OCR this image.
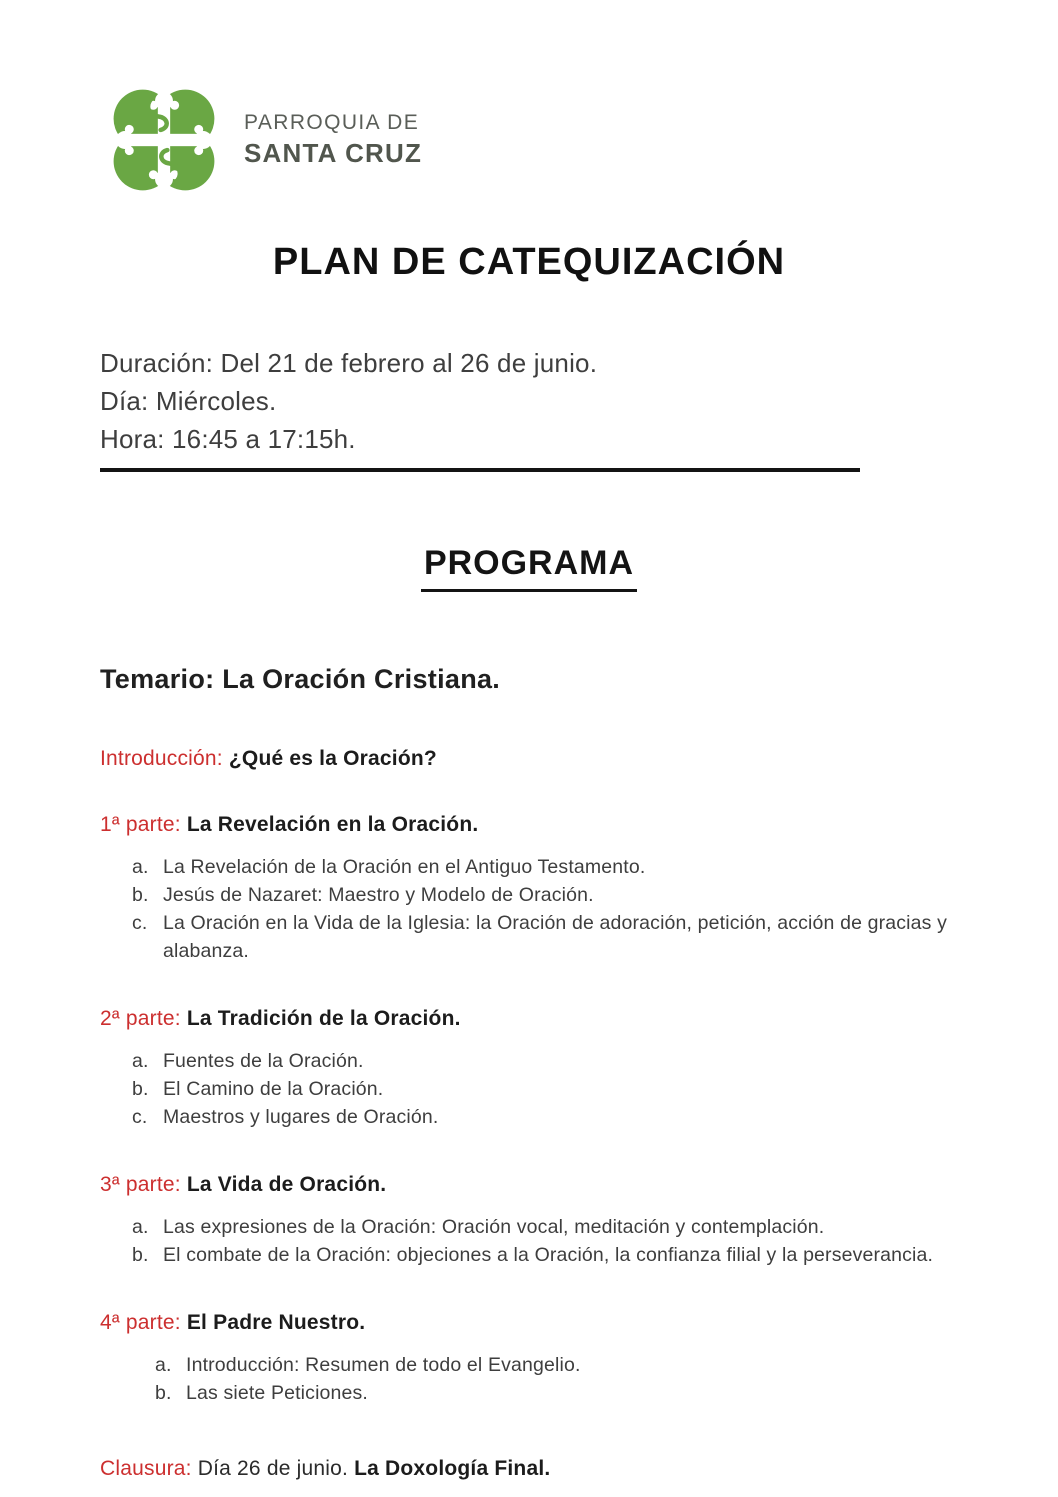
PARROQUIA DE
SANTA CRUZ
PLAN DE CATEQUIZACIÓN

Duración: Del 21 de febrero al 26 de junio.

Día: Miércoles.

Hora: 16:45 a 17:15h.

PROGRAMA
Temario: La Oración Cristiana.

Introducción: ¿Qué es la Oración?

1ª parte: La Revelación en la Oración.

a. La Revelación de la Oración en el Antiguo Testamento.
b. Jesús de Nazaret: Maestro y Modelo de Oración.
c. La Oración en la Vida de la Iglesia: la Oración de adoración, petición, acción de gracias y alabanza.

2ª parte: La Tradición de la Oración.

a. Fuentes de la Oración.
b. El Camino de la Oración.
c. Maestros y lugares de Oración.

3ª parte: La Vida de Oración.

a. Las expresiones de la Oración: Oración vocal, meditación y contemplación.
b. El combate de la Oración: objeciones a la Oración, la confianza filial y la perseverancia.

4ª parte: El Padre Nuestro.

a. Introducción: Resumen de todo el Evangelio.
b. Las siete Peticiones.

Clausura: Día 26 de junio. La Doxología Final.
